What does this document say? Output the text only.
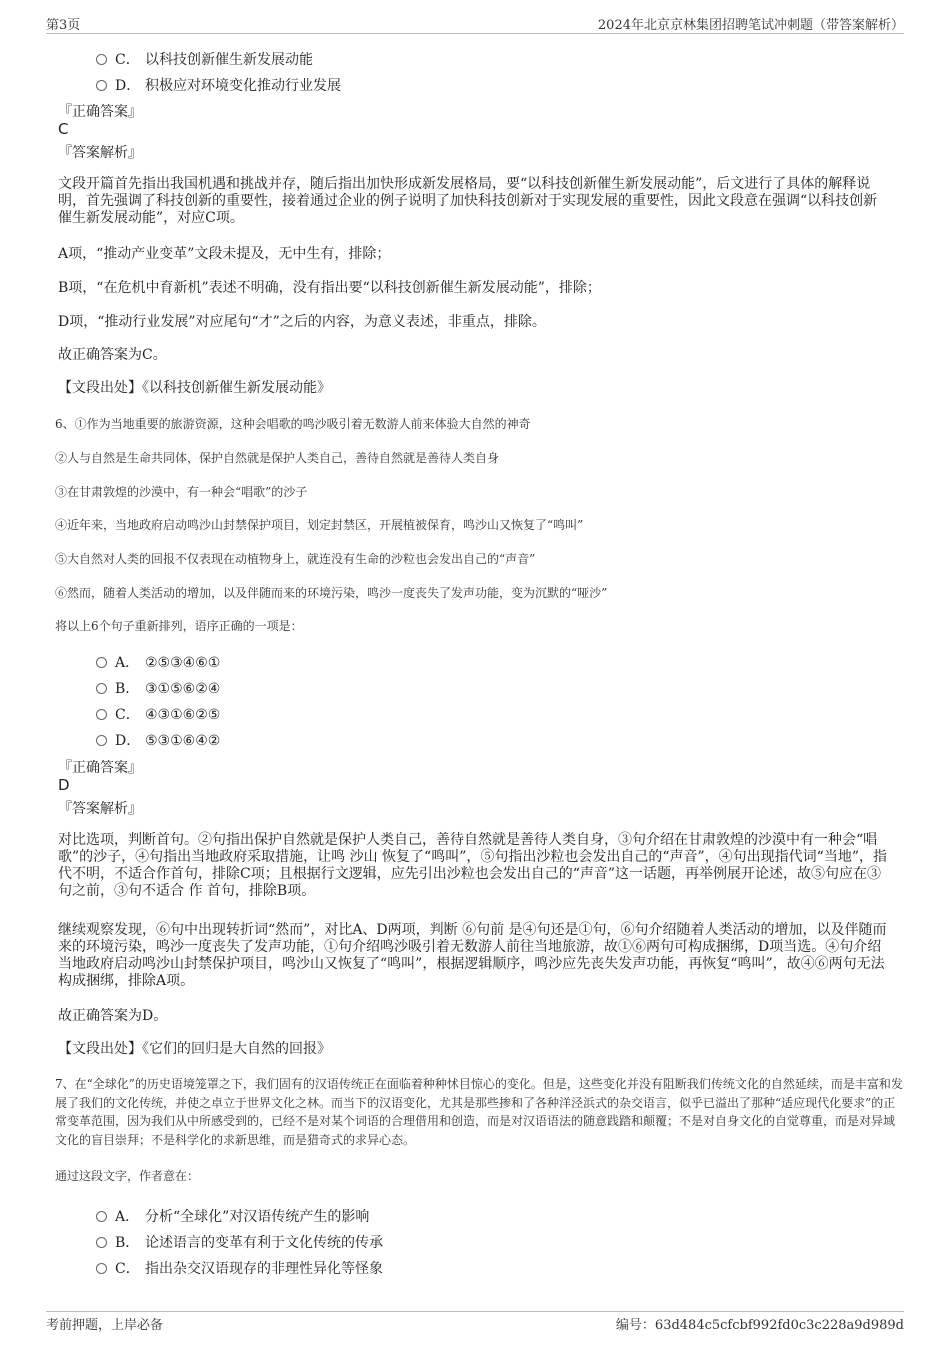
第3页	2024年北京京林集团招聘笔试冲刺题（带答案解析）
C． 以科技创新催生新发展动能
D． 积极应对环境变化推动行业发展
『正确答案』
C
『答案解析』
文段开篇首先指出我国机遇和挑战并存，随后指出加快形成新发展格局，要“以科技创新催生新发展动能”，后文进行了具体的解释说明，首先强调了科技创新的重要性，接着通过企业的例子说明了加快科技创新对于实现发展的重要性，因此文段意在强调“以科技创新催生新发展动能”，对应C项。
A项，“推动产业变革”文段未提及，无中生有，排除；
B项，“在危机中育新机”表述不明确，没有指出要“以科技创新催生新发展动能”，排除；
D项，“推动行业发展”对应尾句“才”之后的内容，为意义表述，非重点，排除。
故正确答案为C。
【文段出处】《以科技创新催生新发展动能》
6、①作为当地重要的旅游资源，这种会唱歌的鸣沙吸引着无数游人前来体验大自然的神奇
②人与自然是生命共同体，保护自然就是保护人类自己，善待自然就是善待人类自身
③在甘肃敦煌的沙漠中，有一种会“唱歌”的沙子
④近年来，当地政府启动鸣沙山封禁保护项目，划定封禁区，开展植被保育，鸣沙山又恢复了“鸣叫”
⑤大自然对人类的回报不仅表现在动植物身上，就连没有生命的沙粒也会发出自己的“声音”
⑥然而，随着人类活动的增加，以及伴随而来的环境污染，鸣沙一度丧失了发声功能，变为沉默的“哑沙”
将以上6个句子重新排列，语序正确的一项是：
A． ②⑤③④⑥①
B． ③①⑤⑥②④
C． ④③①⑥②⑤
D． ⑤③①⑥④②
『正确答案』
D
『答案解析』
对比选项，判断首句。②句指出保护自然就是保护人类自己，善待自然就是善待人类自身，③句介绍在甘肃敦煌的沙漠中有一种会“唱歌”的沙子，④句指出当地政府采取措施，让鸣 沙山 恢复了“鸣叫”，⑤句指出沙粒也会发出自己的“声音”，④句出现指代词“当地”，指代不明，不适合作首句，排除C项；且根据行文逻辑，应先引出沙粒也会发出自己的“声音”这一话题，再举例展开论述，故⑤句应在③句之前，③句不适合 作 首句，排除B项。
继续观察发现，⑥句中出现转折词“然而”，对比A、D两项，判断 ⑥句前 是④句还是①句，⑥句介绍随着人类活动的增加，以及伴随而来的环境污染，鸣沙一度丧失了发声功能，①句介绍鸣沙吸引着无数游人前往当地旅游，故①⑥两句可构成捆绑，D项当选。④句介绍当地政府启动鸣沙山封禁保护项目，鸣沙山又恢复了“鸣叫”，根据逻辑顺序，鸣沙应先丧失发声功能，再恢复“鸣叫”，故④⑥两句无法构成捆绑，排除A项。
故正确答案为D。
【文段出处】《它们的回归是大自然的回报》
7、在“全球化”的历史语境笼罩之下，我们固有的汉语传统正在面临着种种怵目惊心的变化。但是，这些变化并没有阻断我们传统文化的自然延续，而是丰富和发展了我们的文化传统，并使之卓立于世界文化之林。而当下的汉语变化，尤其是那些掺和了各种洋泾浜式的杂交语言，似乎已溢出了那种“适应现代化要求”的正常变革范围，因为我们从中所感受到的，已经不是对某个词语的合理借用和创造，而是对汉语语法的随意践踏和颠覆；不是对自身文化的自觉尊重，而是对异域文化的盲目崇拜；不是科学化的求新思维，而是猎奇式的求异心态。
通过这段文字，作者意在：
A． 分析“全球化”对汉语传统产生的影响
B． 论述语言的变革有利于文化传统的传承
C． 指出杂交汉语现存的非理性异化等怪象
考前押题，上岸必备	编号：63d484c5cfcbf992fd0c3c228a9d989d
